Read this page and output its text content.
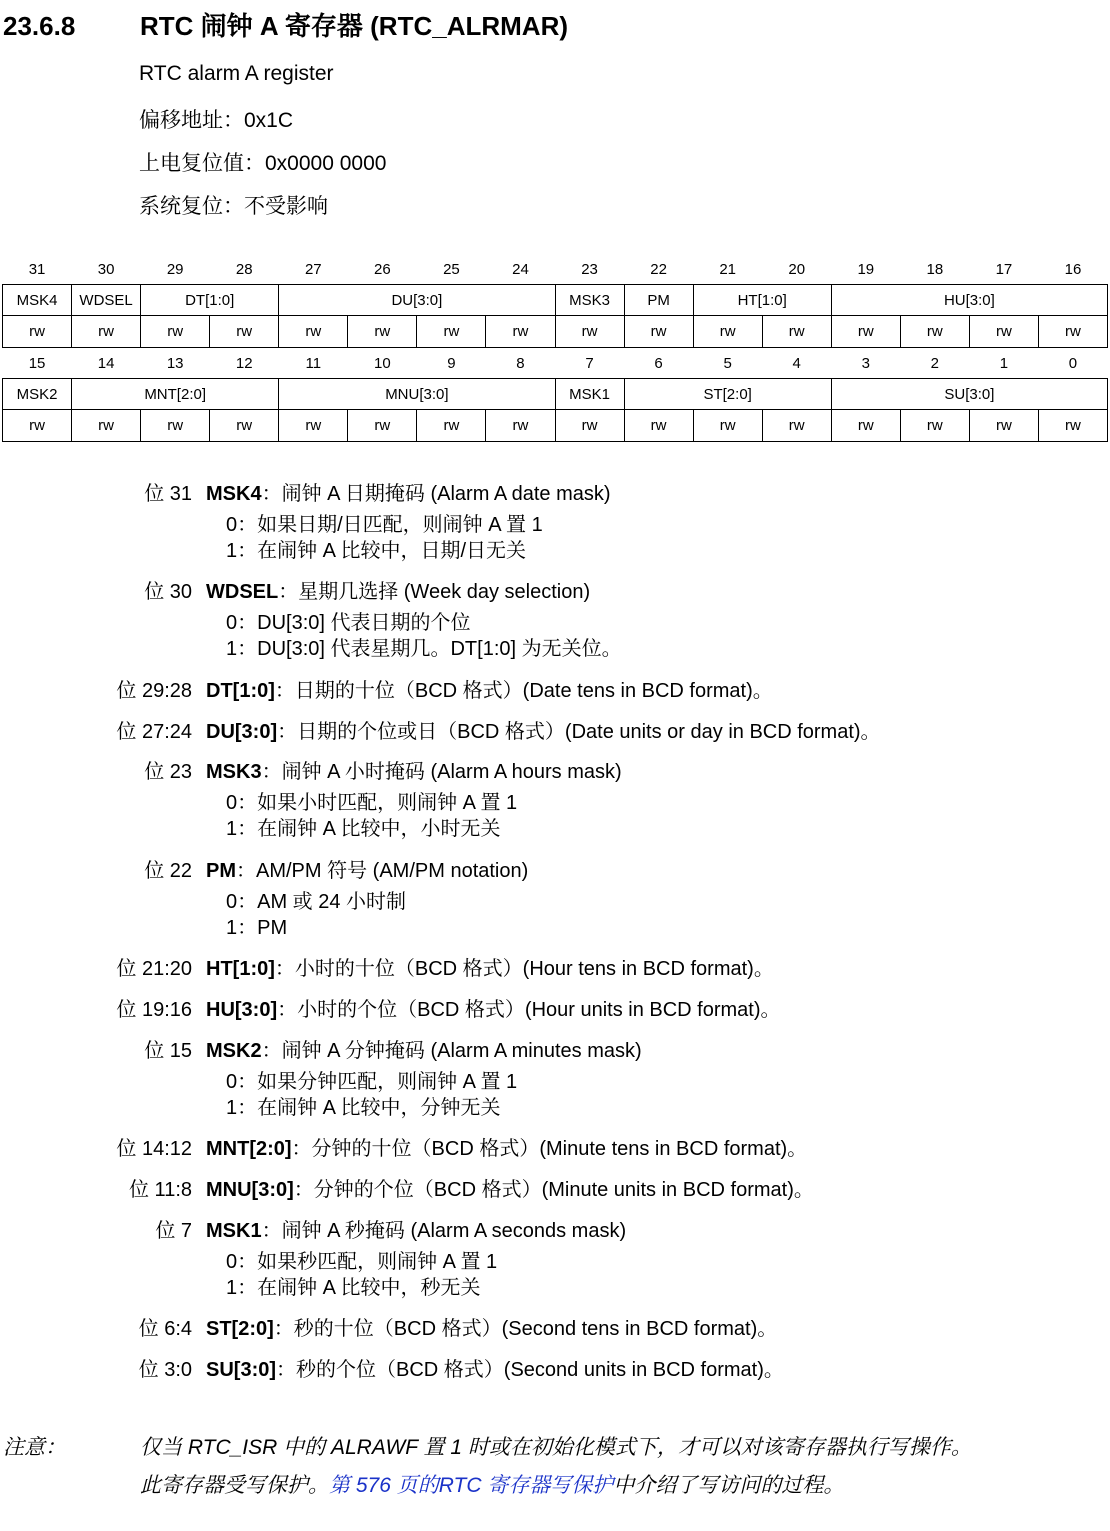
23.6.8 RTC 闹钟 A 寄存器 (RTC_ALRMAR)
RTC alarm A register
偏移地址：0x1C
上电复位值：0x0000 0000
系统复位：不受影响
31	30	29	28	27	26	25	24	23	22	21	20	19	18	17	16
MSK4	WDSEL	DT[1:0]		DU[3:0]				MSK3	PM	HT[1:0]		HU[3:0]			
rw	rw	rw	rw	rw	rw	rw	rw	rw	rw	rw	rw	rw	rw	rw	rw
15	14	13	12	11	10	9	8	7	6	5	4	3	2	1	0
MSK2	MNT[2:0]			MNU[3:0]				MSK1	ST[2:0]			SU[3:0]			
rw	rw	rw	rw	rw	rw	rw	rw	rw	rw	rw	rw	rw	rw	rw	rw
位 31 MSK4：闹钟 A 日期掩码 (Alarm A date mask)
0：如果日期/日匹配，则闹钟 A 置 1
1：在闹钟 A 比较中，日期/日无关
位 30 WDSEL：星期几选择 (Week day selection)
0：DU[3:0] 代表日期的个位
1：DU[3:0] 代表星期几。DT[1:0] 为无关位。
位 29:28 DT[1:0]：日期的十位（BCD 格式）(Date tens in BCD format)。
位 27:24 DU[3:0]：日期的个位或日（BCD 格式）(Date units or day in BCD format)。
位 23 MSK3：闹钟 A 小时掩码 (Alarm A hours mask)
0：如果小时匹配，则闹钟 A 置 1
1：在闹钟 A 比较中，小时无关
位 22 PM：AM/PM 符号 (AM/PM notation)
0：AM 或 24 小时制
1：PM
位 21:20 HT[1:0]：小时的十位（BCD 格式）(Hour tens in BCD format)。
位 19:16 HU[3:0]：小时的个位（BCD 格式）(Hour units in BCD format)。
位 15 MSK2：闹钟 A 分钟掩码 (Alarm A minutes mask)
0：如果分钟匹配，则闹钟 A 置 1
1：在闹钟 A 比较中，分钟无关
位 14:12 MNT[2:0]：分钟的十位（BCD 格式）(Minute tens in BCD format)。
位 11:8 MNU[3:0]：分钟的个位（BCD 格式）(Minute units in BCD format)。
位 7 MSK1：闹钟 A 秒掩码 (Alarm A seconds mask)
0：如果秒匹配，则闹钟 A 置 1
1：在闹钟 A 比较中，秒无关
位 6:4 ST[2:0]：秒的十位（BCD 格式）(Second tens in BCD format)。
位 3:0 SU[3:0]：秒的个位（BCD 格式）(Second units in BCD format)。
注意：	仅当 RTC_ISR 中的 ALRAWF 置 1 时或在初始化模式下，才可以对该寄存器执行写操作。
此寄存器受写保护。第 576 页的RTC 寄存器写保护中介绍了写访问的过程。
